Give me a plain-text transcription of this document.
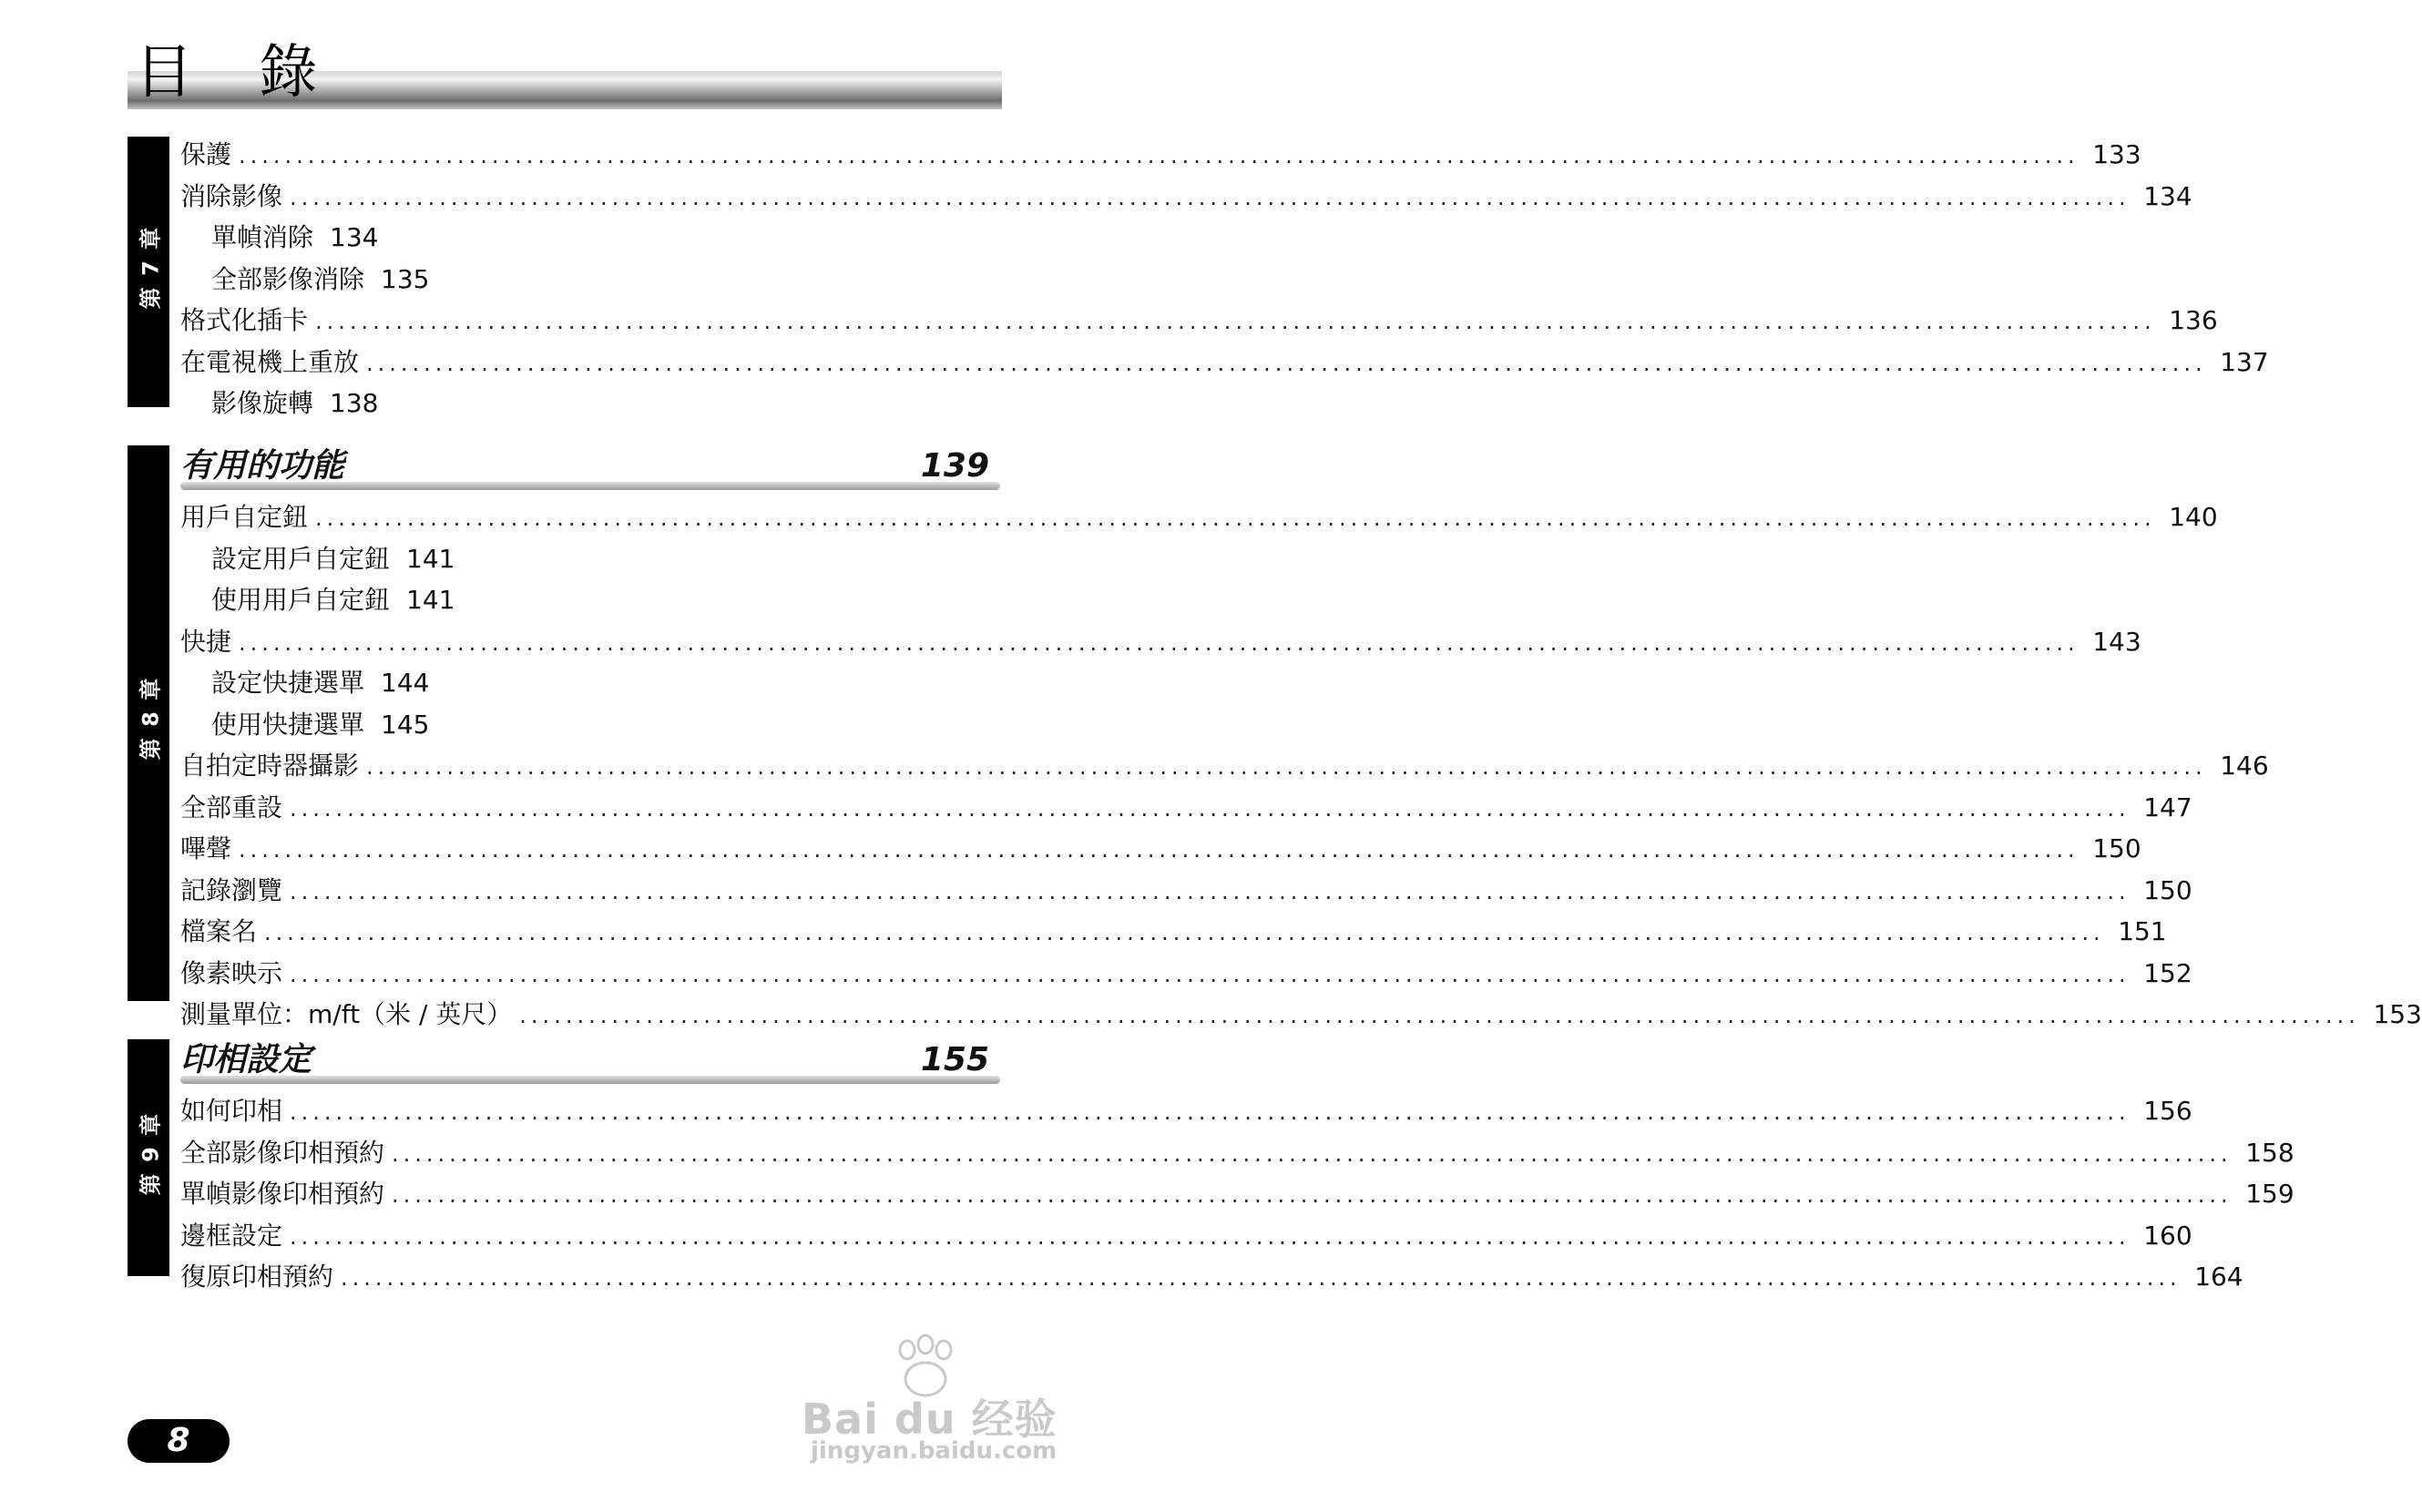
目 錄
第 7 章
保護 ................................................................................................................................................................ 133
消除影像 ................................................................................................................................................................ 134
單幀消除 134
全部影像消除 135
格式化插卡 ................................................................................................................................................................ 136
在電視機上重放 ................................................................................................................................................................ 137
影像旋轉 138
第 8 章
有用的功能	139
用戶自定鈕 ................................................................................................................................................................ 140
設定用戶自定鈕 141
使用用戶自定鈕 141
快捷 ................................................................................................................................................................ 143
設定快捷選單 144
使用快捷選單 145
自拍定時器攝影 ................................................................................................................................................................ 146
全部重設 ................................................................................................................................................................ 147
嗶聲 ................................................................................................................................................................ 150
記錄瀏覽 ................................................................................................................................................................ 150
檔案名 ................................................................................................................................................................ 151
像素映示 ................................................................................................................................................................ 152
測量單位：m/ft（米 / 英尺） ................................................................................................................................................................ 153
第 9 章
印相設定	155
如何印相 ................................................................................................................................................................ 156
全部影像印相預約 ................................................................................................................................................................ 158
單幀影像印相預約 ................................................................................................................................................................ 159
邊框設定 ................................................................................................................................................................ 160
復原印相預約 ................................................................................................................................................................ 164
8	Bai du 经验
jingyan.baidu.com
